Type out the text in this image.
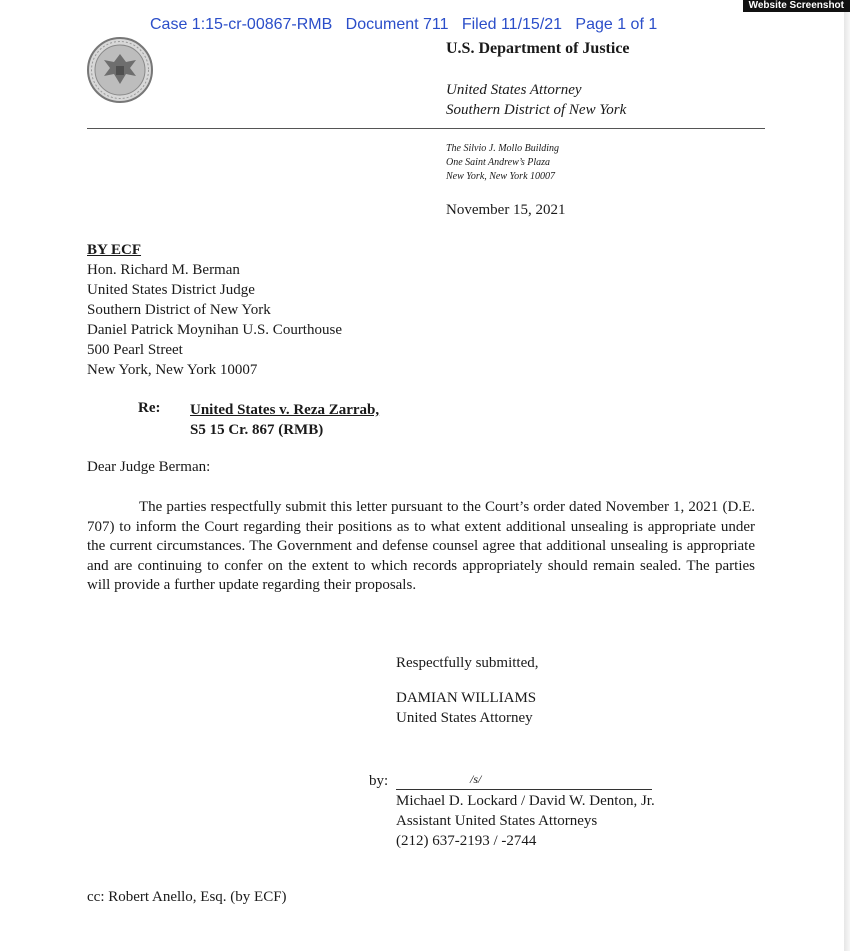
Website Screenshot
Case 1:15-cr-00867-RMB   Document 711   Filed 11/15/21   Page 1 of 1
U.S. Department of Justice
United States Attorney
Southern District of New York
The Silvio J. Mollo Building
One Saint Andrew’s Plaza
New York, New York 10007
November 15, 2021
BY ECF
Hon. Richard M. Berman
United States District Judge
Southern District of New York
Daniel Patrick Moynihan U.S. Courthouse
500 Pearl Street
New York, New York 10007
Re: United States v. Reza Zarrab,
S5 15 Cr. 867 (RMB)
Dear Judge Berman:
The parties respectfully submit this letter pursuant to the Court’s order dated November 1, 2021 (D.E. 707) to inform the Court regarding their positions as to what extent additional unsealing is appropriate under the current circumstances. The Government and defense counsel agree that additional unsealing is appropriate and are continuing to confer on the extent to which records appropriately should remain sealed. The parties will provide a further update regarding their proposals.
Respectfully submitted,
DAMIAN WILLIAMS
United States Attorney
by:	/s/
Michael D. Lockard / David W. Denton, Jr.
Assistant United States Attorneys
(212) 637-2193 / -2744
cc: Robert Anello, Esq. (by ECF)
